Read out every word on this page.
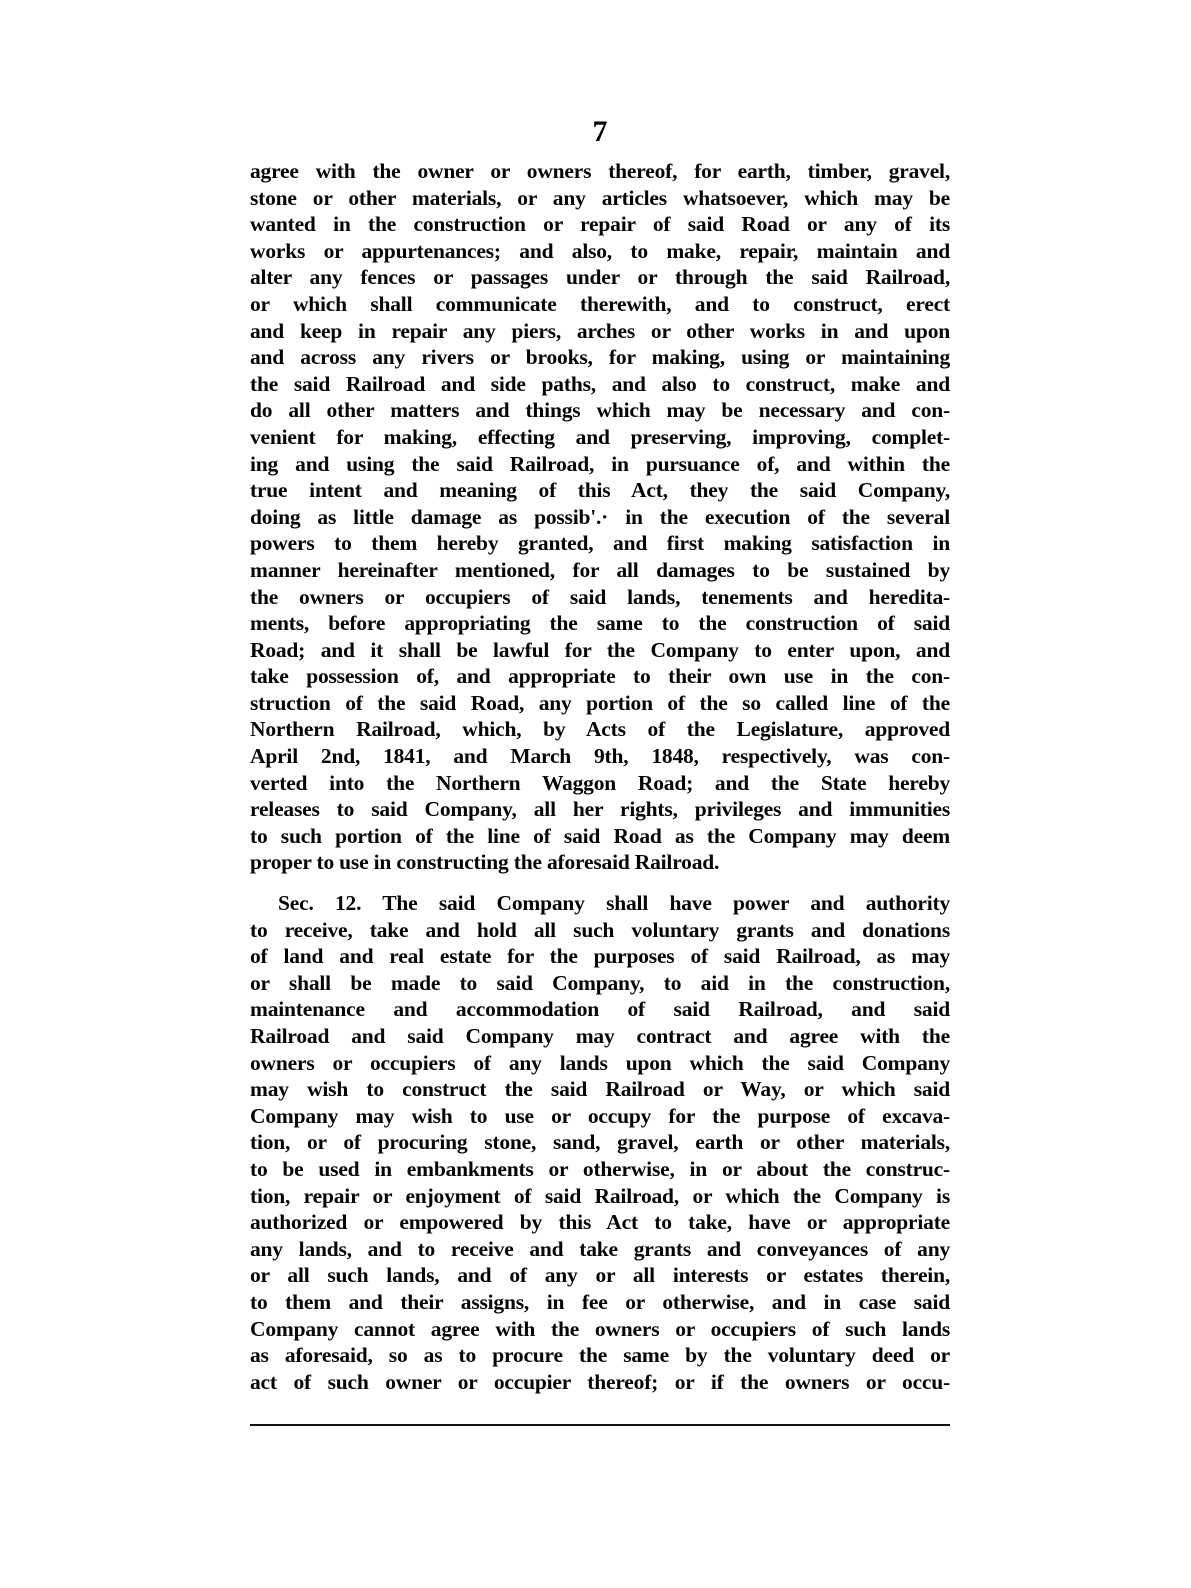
7
agree with the owner or owners thereof, for earth, timber, gravel,
stone or other materials, or any articles whatsoever, which may be
wanted in the construction or repair of said Road or any of its
works or appurtenances; and also, to make, repair, maintain and
alter any fences or passages under or through the said Railroad,
or which shall communicate therewith, and to construct, erect
and keep in repair any piers, arches or other works in and upon
and across any rivers or brooks, for making, using or maintaining
the said Railroad and side paths, and also to construct, make and
do all other matters and things which may be necessary and con-
venient for making, effecting and preserving, improving, complet-
ing and using the said Railroad, in pursuance of, and within the
true intent and meaning of this Act, they the said Company,
doing as little damage as possib'.· in the execution of the several
powers to them hereby granted, and first making satisfaction in
manner hereinafter mentioned, for all damages to be sustained by
the owners or occupiers of said lands, tenements and heredita-
ments, before appropriating the same to the construction of said
Road; and it shall be lawful for the Company to enter upon, and
take possession of, and appropriate to their own use in the con-
struction of the said Road, any portion of the so called line of the
Northern Railroad, which, by Acts of the Legislature, approved
April 2nd, 1841, and March 9th, 1848, respectively, was con-
verted into the Northern Waggon Road; and the State hereby
releases to said Company, all her rights, privileges and immunities
to such portion of the line of said Road as the Company may deem
proper to use in constructing the aforesaid Railroad.
Sec. 12. The said Company shall have power and authority
to receive, take and hold all such voluntary grants and donations
of land and real estate for the purposes of said Railroad, as may
or shall be made to said Company, to aid in the construction,
maintenance and accommodation of said Railroad, and said
Railroad and said Company may contract and agree with the
owners or occupiers of any lands upon which the said Company
may wish to construct the said Railroad or Way, or which said
Company may wish to use or occupy for the purpose of excava-
tion, or of procuring stone, sand, gravel, earth or other materials,
to be used in embankments or otherwise, in or about the construc-
tion, repair or enjoyment of said Railroad, or which the Company is
authorized or empowered by this Act to take, have or appropriate
any lands, and to receive and take grants and conveyances of any
or all such lands, and of any or all interests or estates therein,
to them and their assigns, in fee or otherwise, and in case said
Company cannot agree with the owners or occupiers of such lands
as aforesaid, so as to procure the same by the voluntary deed or
act of such owner or occupier thereof; or if the owners or occu-
